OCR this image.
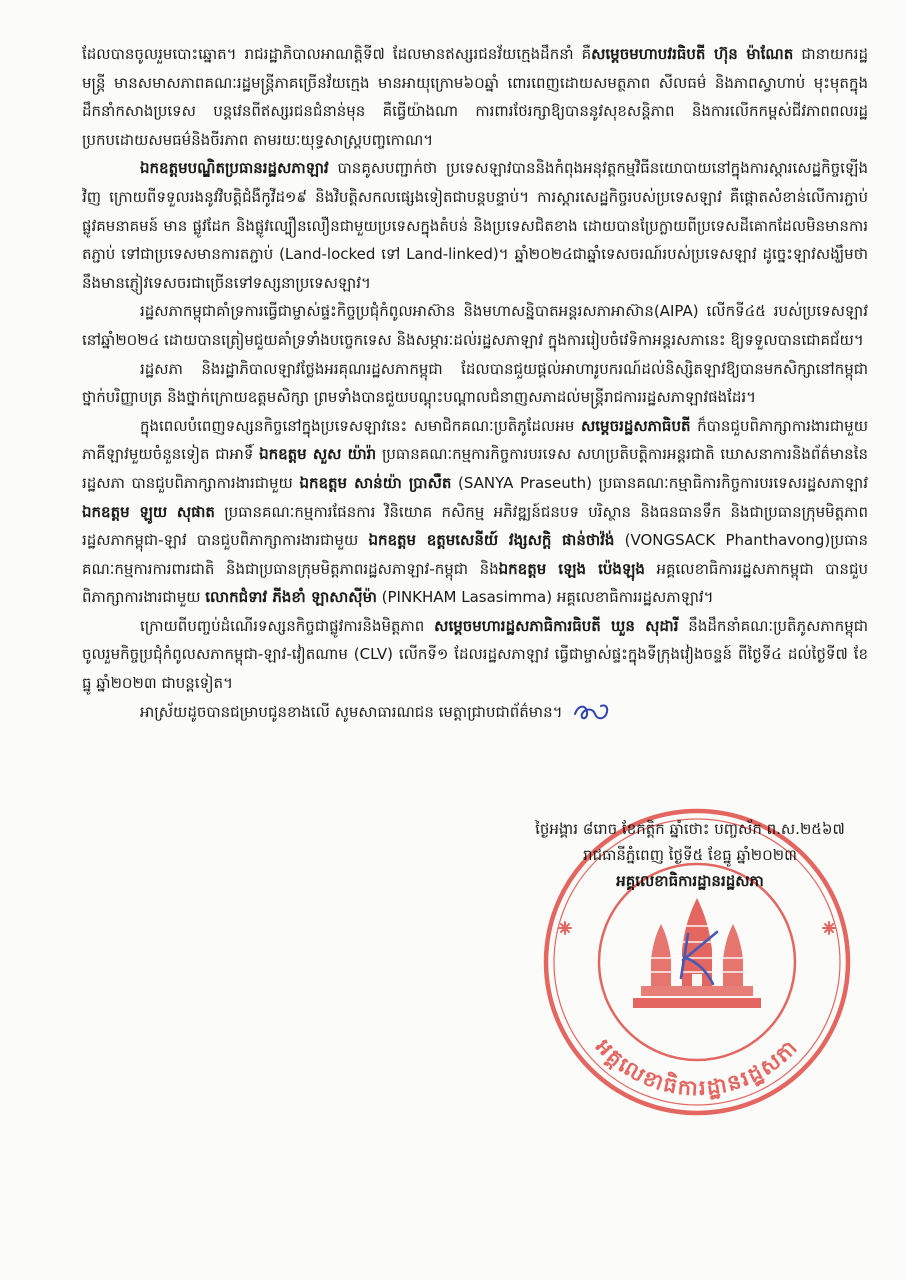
ដែលបានចូលរួមបោះឆ្នោត។ រាជរដ្ឋាភិបាលអាណត្តិទី៧ ដែលមានឥស្សរជនវ័យក្មេងដឹកនាំ គឺសម្តេចមហាបវរធិបតី ហ៊ុន ម៉ាណែត ជានាយករដ្ឋមន្ត្រី មានសមាសភាពគណៈរដ្ឋមន្ត្រីភាគច្រើនវ័យក្មេង មានអាយុក្រោម៦០ឆ្នាំ ពោរពេញដោយសមត្ថភាព សីលធម៌ និងភាពស្វាហាប់ មុះមុតក្នុងដឹកនាំកសាងប្រទេស បន្តវេនពីឥស្សរជនជំនាន់មុន គឺធ្វើយ៉ាងណា ការពារថែរក្សាឱ្យបាននូវសុខសន្តិភាព និងការលើកកម្ពស់ជីវភាពពលរដ្ឋប្រកបដោយសមធម៌និងចីរភាព តាមរយៈយុទ្ធសាស្ត្របញ្ចកោណ។

ឯកឧត្តមបណ្ឌិតប្រធានរដ្ឋសភាឡាវ បានគូសបញ្ជាក់ថា ប្រទេសឡាវបាននិងកំពុងអនុវត្តកម្មវិធីនយោបាយនៅក្នុងការស្តារសេដ្ឋកិច្ចឡើងវិញ ក្រោយពីទទួលរងនូវវិបត្តិជំងឺកូវីដ១៩ និងវិបត្តិសកលផ្សេងទៀតជាបន្តបន្ទាប់។ ការស្តារសេដ្ឋកិច្ចរបស់ប្រទេសឡាវ គឺផ្តោតសំខាន់លើការភ្ជាប់ផ្លូវគមនាគមន៍ មាន ផ្លូវដែក និងផ្លូវល្បឿនលឿនជាមួយប្រទេសក្នុងតំបន់ និងប្រទេសជិតខាង ដោយបានប្រែក្លាយពីប្រទេសដីគោកដែលមិនមានការតភ្ជាប់ ទៅជាប្រទេសមានការតភ្ជាប់ (Land-locked ទៅ Land-linked)។ ឆ្នាំ២០២៤ជាឆ្នាំទេសចរណ៍របស់ប្រទេសឡាវ ដូច្នេះឡាវសង្ឃឹមថានឹងមានភ្ញៀវទេសចរជាច្រើនទៅទស្សនាប្រទេសឡាវ។

រដ្ឋសភាកម្ពុជាគាំទ្រការធ្វើជាម្ចាស់ផ្ទះកិច្ចប្រជុំកំពូលអាស៊ាន និងមហាសន្និបាតអន្តរសភាអាស៊ាន(AIPA) លើកទី៤៥ របស់ប្រទេសឡាវនៅឆ្នាំ២០២៤ ដោយបានត្រៀមជួយគាំទ្រទាំងបច្ចេកទេស និងសម្ភារៈដល់រដ្ឋសភាឡាវ ក្នុងការរៀបចំវេទិកាអន្តរសភានេះ ឱ្យទទួលបានជោគជ័យ។

រដ្ឋសភា និងរដ្ឋាភិបាលឡាវថ្លែងអរគុណរដ្ឋសភាកម្ពុជា ដែលបានជួយផ្តល់អាហារូបករណ៍ដល់និស្សិតឡាវឱ្យបានមកសិក្សានៅកម្ពុជា ថ្នាក់បរិញ្ញាបត្រ និងថ្នាក់ក្រោយឧត្តមសិក្សា ព្រមទាំងបានជួយបណ្តុះបណ្តាលជំនាញសភាដល់មន្ត្រីរាជការរដ្ឋសភាឡាវផងដែរ។

ក្នុងពេលបំពេញទស្សនកិច្ចនៅក្នុងប្រទេសឡាវនេះ សមាជិកគណៈប្រតិភូដែលអម សម្តេចរដ្ឋសភាធិបតី ក៏បានជួបពិភាក្សាការងារជាមួយភាគីឡាវមួយចំនួនទៀត ជាអាទិ៍ ឯកឧត្តម សួស យ៉ារ៉ា ប្រធានគណៈកម្មការកិច្ចការបរទេស សហប្រតិបត្តិការអន្តរជាតិ ឃោសនាការនិងព័ត៌មាននៃរដ្ឋសភា បានជួបពិភាក្សាការងារជាមួយ ឯកឧត្តម សាន់យ៉ា ប្រាសឺត (SANYA Praseuth) ប្រធានគណៈកម្មាធិការកិច្ចការបរទេសរដ្ឋសភាឡាវ ឯកឧត្តម ឡូយ សុផាត ប្រធានគណៈកម្មការផែនការ វិនិយោគ កសិកម្ម អភិវឌ្ឍន៍ជនបទ បរិស្ថាន និងធនធានទឹក និងជាប្រធានក្រុមមិត្តភាពរដ្ឋសភាកម្ពុជា-ឡាវ បានជួបពិភាក្សាការងារជាមួយ ឯកឧត្តម ឧត្តមសេនីយ៍ វង្សសក្តិ ផាន់ថាវ៉ង់ (VONGSACK Phanthavong)ប្រធានគណៈកម្មការការពារជាតិ និងជាប្រធានក្រុមមិត្តភាពរដ្ឋសភាឡាវ-កម្ពុជា និងឯកឧត្តម ឡេង ប៉េងឡុង អគ្គលេខាធិការរដ្ឋសភាកម្ពុជា បានជួបពិភាក្សាការងារជាមួយ លោកជំទាវ ភីងខាំ ឡាសាស៊ីម៉ា (PINKHAM Lasasimma) អគ្គលេខាធិការរដ្ឋសភាឡាវ។

ក្រោយពីបញ្ចប់ដំណើរទស្សនកិច្ចជាផ្លូវការនិងមិត្តភាព សម្តេចមហារដ្ឋសភាធិការធិបតី ឃួន សុដារី នឹងដឹកនាំគណៈប្រតិភូសភាកម្ពុជា ចូលរួមកិច្ចប្រជុំកំពូលសភាកម្ពុជា-ឡាវ-វៀតណាម (CLV) លើកទី១ ដែលរដ្ឋសភាឡាវ ធ្វើជាម្ចាស់ផ្ទះក្នុងទីក្រុងវៀងចន្ទន៍ ពីថ្ងៃទី៤ ដល់ថ្ងៃទី៧ ខែធ្នូ ឆ្នាំ២០២៣ ជាបន្តទៀត។

អាស្រ័យដូចបានជម្រាបជូនខាងលើ សូមសាធារណជន មេត្តាជ្រាបជាព័ត៌មាន។

ថ្ងៃអង្គារ ៨រោច ខែកត្តិក ឆ្នាំថោះ បញ្ចស័ក ព.ស.២៥៦៧
រាជធានីភ្នំពេញ ថ្ងៃទី៥ ខែធ្នូ ឆ្នាំ២០២៣
អគ្គលេខាធិការដ្ឋានរដ្ឋសភា
អគ្គលេខាធិការដ្ឋានរដ្ឋសភា
